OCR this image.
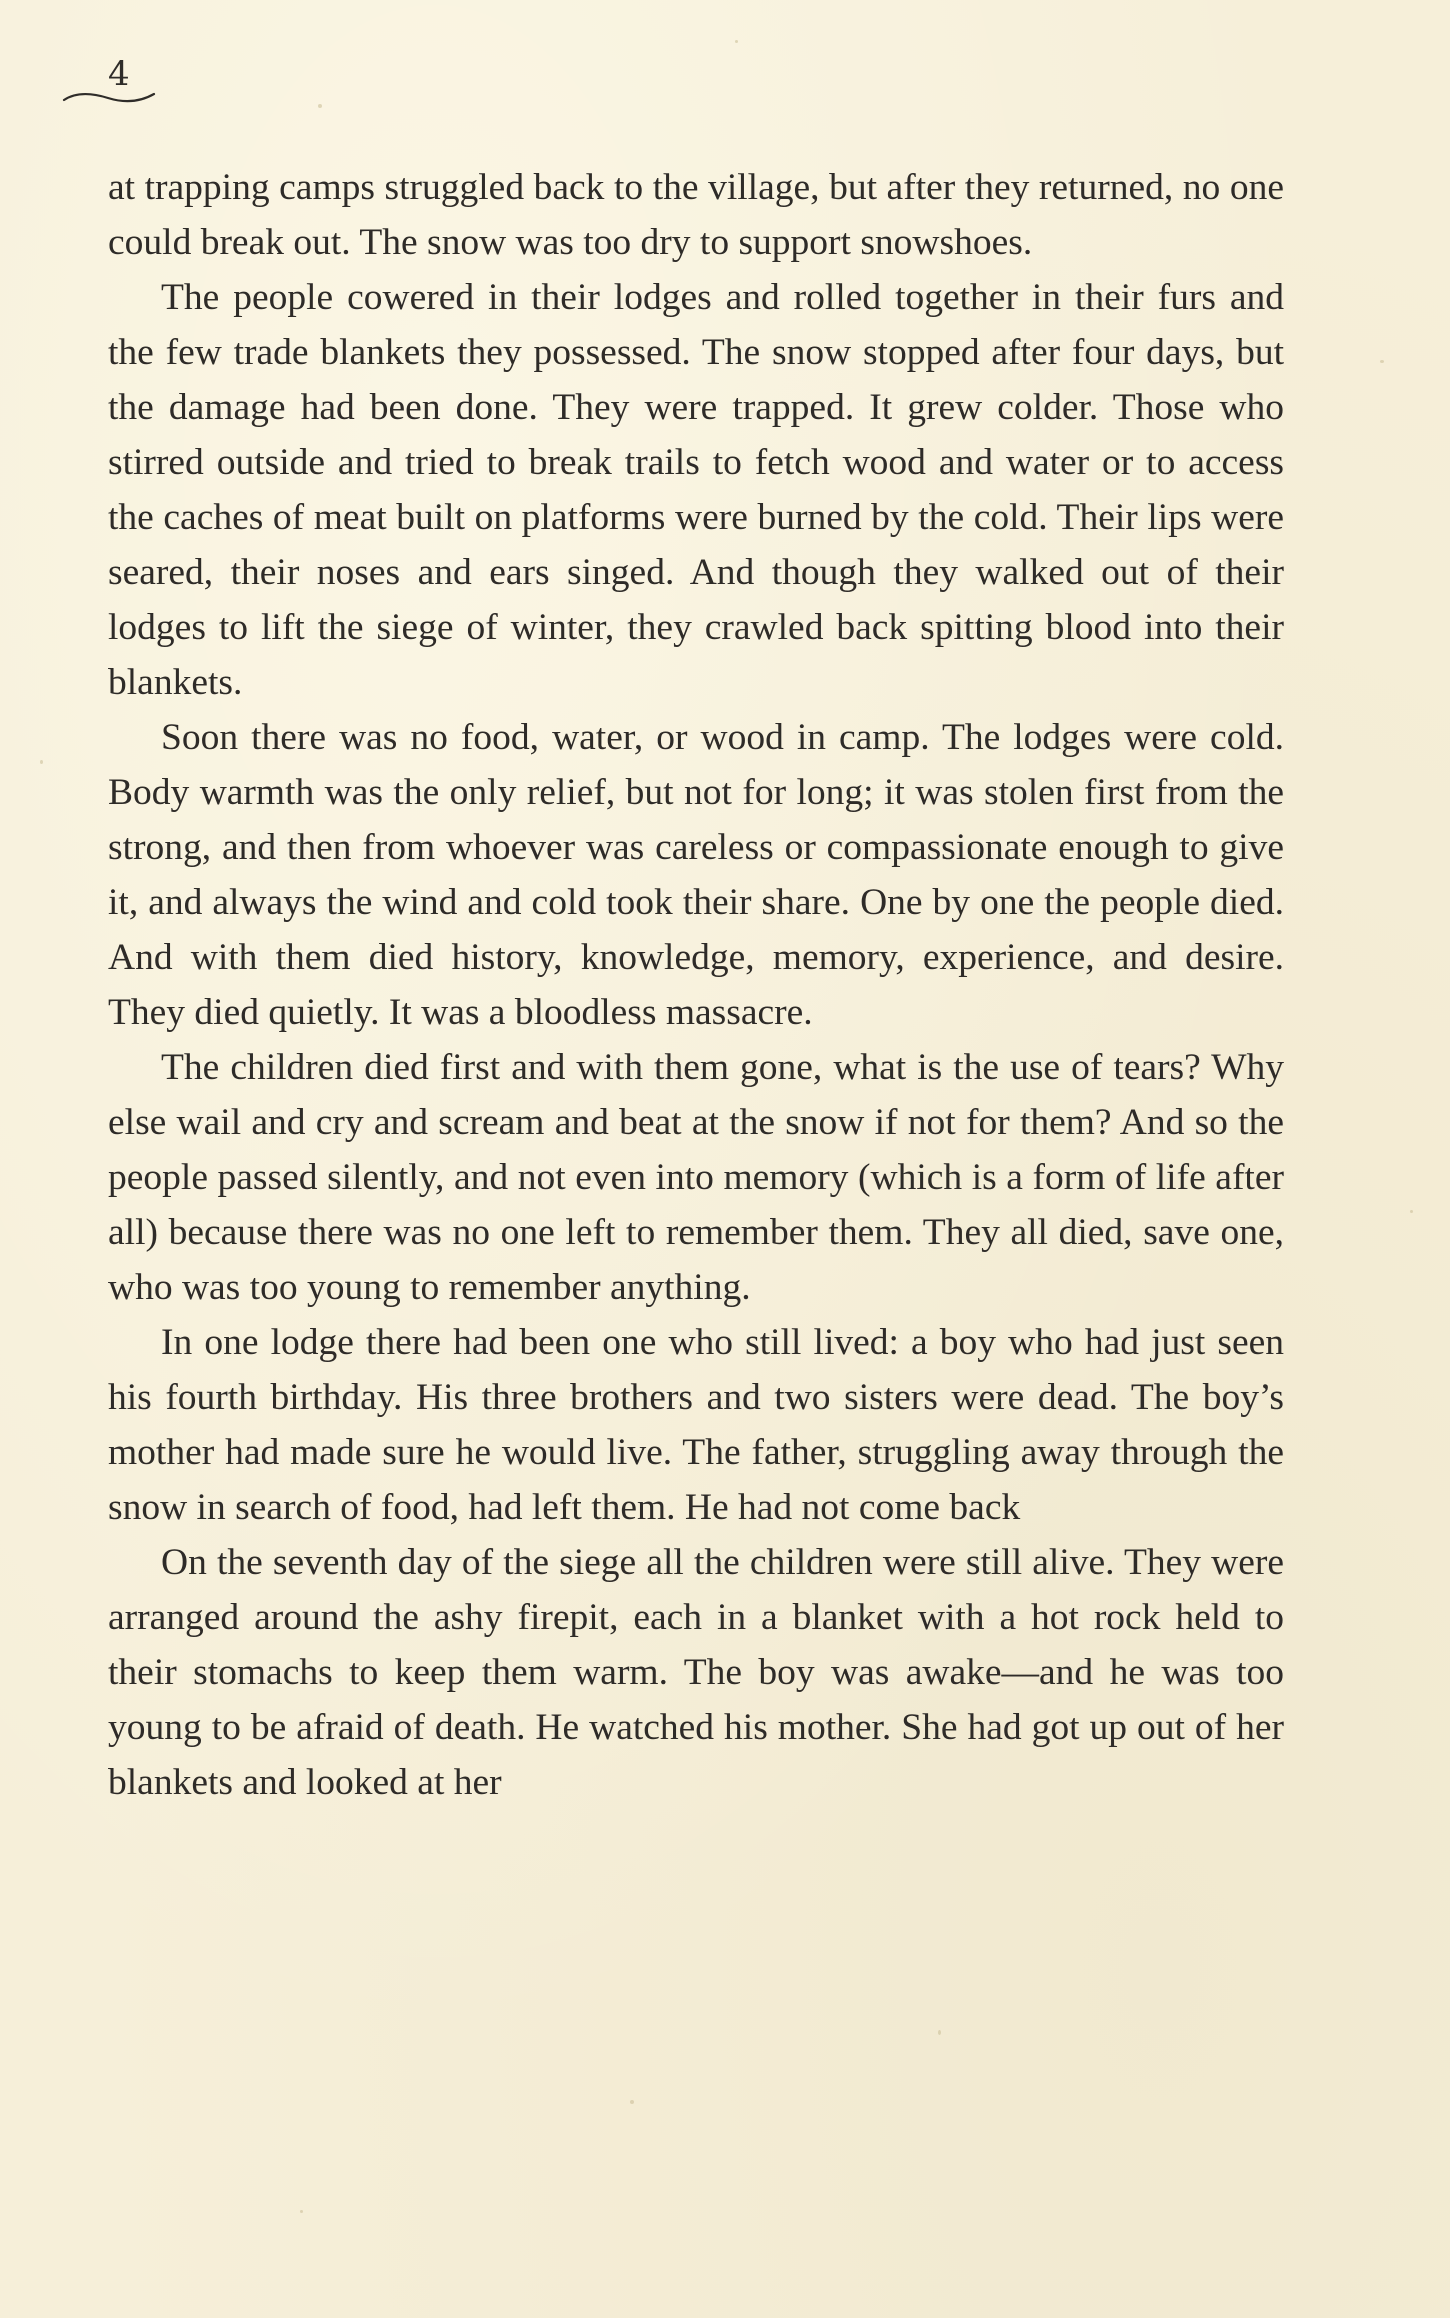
4

at trapping camps struggled back to the village, but after they returned, no one could break out. The snow was too dry to support snowshoes.

The people cowered in their lodges and rolled together in their furs and the few trade blankets they possessed. The snow stopped after four days, but the damage had been done. They were trapped. It grew colder. Those who stirred outside and tried to break trails to fetch wood and water or to access the caches of meat built on platforms were burned by the cold. Their lips were seared, their noses and ears singed. And though they walked out of their lodges to lift the siege of winter, they crawled back spitting blood into their blankets.

Soon there was no food, water, or wood in camp. The lodges were cold. Body warmth was the only relief, but not for long; it was stolen first from the strong, and then from whoever was careless or compassionate enough to give it, and always the wind and cold took their share. One by one the people died. And with them died history, knowledge, memory, experience, and desire. They died quietly. It was a bloodless massacre.

The children died first and with them gone, what is the use of tears? Why else wail and cry and scream and beat at the snow if not for them? And so the people passed silently, and not even into memory (which is a form of life after all) because there was no one left to remember them. They all died, save one, who was too young to remember anything.

In one lodge there had been one who still lived: a boy who had just seen his fourth birthday. His three brothers and two sisters were dead. The boy’s mother had made sure he would live. The father, struggling away through the snow in search of food, had left them. He had not come back

On the seventh day of the siege all the children were still alive. They were arranged around the ashy firepit, each in a blanket with a hot rock held to their stomachs to keep them warm. The boy was awake—and he was too young to be afraid of death. He watched his mother. She had got up out of her blankets and looked at her
